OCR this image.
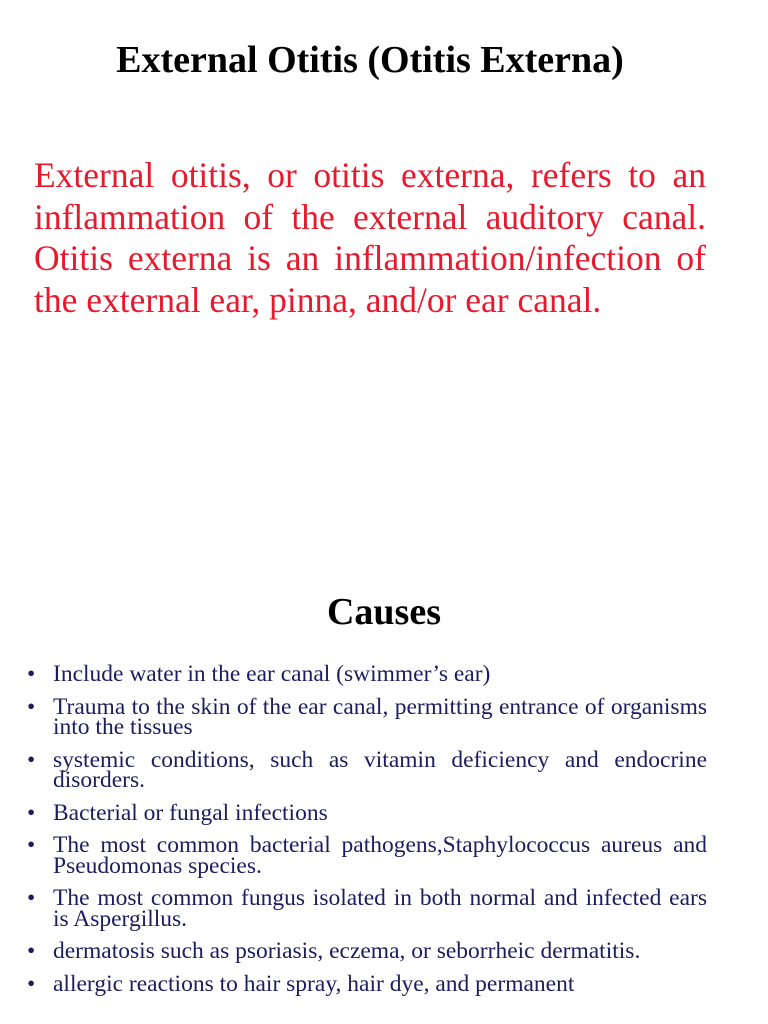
External Otitis (Otitis Externa)

External otitis, or otitis externa, refers to an inflammation of the external auditory canal. Otitis externa is an inflammation/infection of the external ear, pinna, and/or ear canal.

Causes
• Include water in the ear canal (swimmer’s ear)
• Trauma to the skin of the ear canal, permitting entrance of organisms into the tissues
• systemic conditions, such as vitamin deficiency and endocrine disorders.
• Bacterial or fungal infections
• The most common bacterial pathogens,Staphylococcus aureus and Pseudomonas species.
• The most common fungus isolated in both normal and infected ears is Aspergillus.
• dermatosis such as psoriasis, eczema, or seborrheic dermatitis.
• allergic reactions to hair spray, hair dye, and permanent
